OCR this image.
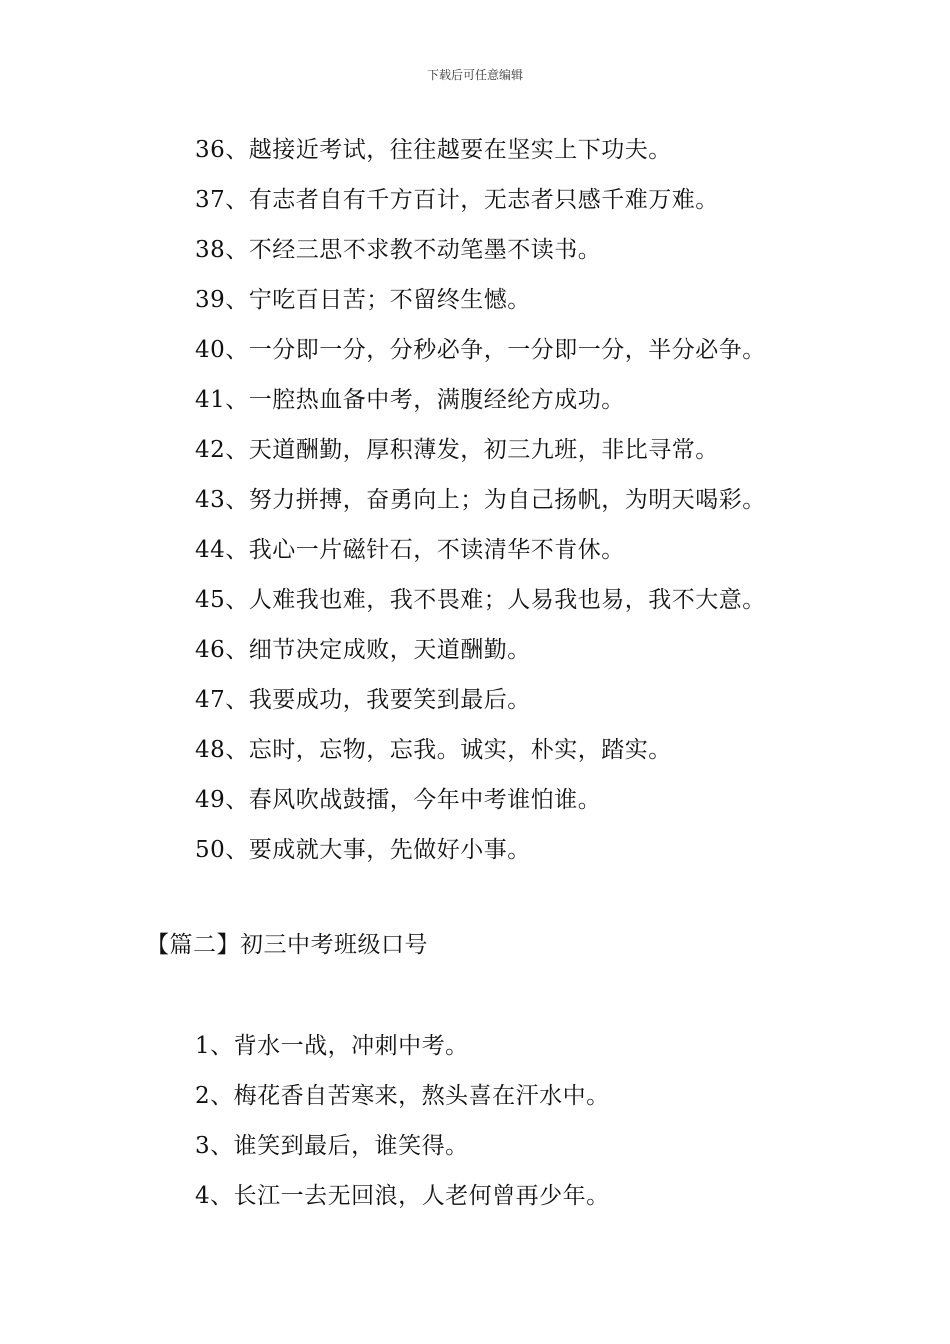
下载后可任意编辑
36、越接近考试，往往越要在坚实上下功夫。
37、有志者自有千方百计，无志者只感千难万难。
38、不经三思不求教不动笔墨不读书。
39、宁吃百日苦；不留终生憾。
40、一分即一分，分秒必争，一分即一分，半分必争。
41、一腔热血备中考，满腹经纶方成功。
42、天道酬勤，厚积薄发，初三九班，非比寻常。
43、努力拼搏，奋勇向上；为自己扬帆，为明天喝彩。
44、我心一片磁针石，不读清华不肯休。
45、人难我也难，我不畏难；人易我也易，我不大意。
46、细节决定成败，天道酬勤。
47、我要成功，我要笑到最后。
48、忘时，忘物，忘我。诚实，朴实，踏实。
49、春风吹战鼓擂，今年中考谁怕谁。
50、要成就大事，先做好小事。
【篇二】初三中考班级口号
1、背水一战，冲刺中考。
2、梅花香自苦寒来，熬头喜在汗水中。
3、谁笑到最后，谁笑得。
4、长江一去无回浪，人老何曾再少年。
